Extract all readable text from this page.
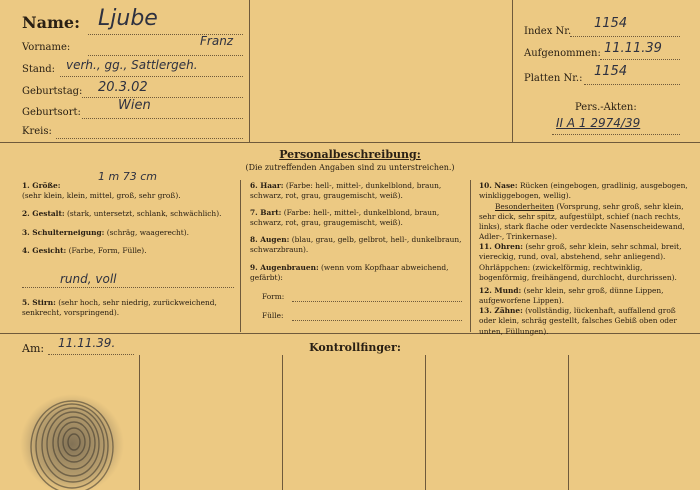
Name: Ljube
Vorname:	Franz
Stand: verh., gg., Sattlergeh.
Geburtstag: 20.3.02
Geburtsort:	Wien
Kreis:
Index Nr.
1154
Aufgenommen: 11.11.39
Platten Nr.: 1154
Pers.-Akten:
II A 1 2974/39
Personalbeschreibung:
(Die zutreffenden Angaben sind zu unterstreichen.)
1. Größe:
1 m 73 cm

(sehr klein, klein, mittel, groß, sehr groß).
2. Gestalt: (stark, untersetzt, schlank, schwächlich).
3. Schulterneigung: (schräg, waagerecht).
4. Gesicht: (Farbe, Form, Fülle).
rund, voll
5. Stirn: (sehr hoch, sehr niedrig, zurückweichend, senkrecht, vorspringend).
6. Haar: (Farbe: hell-, mittel-, dunkelblond, braun, schwarz, rot, grau, graugemischt, weiß).
7. Bart: (Farbe: hell-, mittel-, dunkelblond, braun, schwarz, rot, grau, graugemischt, weiß).
8. Augen: (blau, grau, gelb, gelbrot, hell-, dunkelbraun, schwarzbraun).
9. Augenbrauen: (wenn vom Kopfhaar abweichend, gefärbt):
Form:
Fülle:
10. Nase: Rücken (eingebogen, gradlinig, ausgebogen, winkliggebogen, wellig).
Besonderheiten (Vorsprung, sehr groß, sehr klein, sehr dick, sehr spitz, aufgestülpt, schief (nach rechts, links), stark flache oder verdeckte Nasenscheidewand, Adler-, Trinkernase).
11. Ohren: (sehr groß, sehr klein, sehr schmal, breit, viereckig, rund, oval, abstehend, sehr anliegend). Ohrläppchen: (zwickelförmig, rechtwinklig, bogenförmig, freihängend, durchlocht, durchrissen).
12. Mund: (sehr klein, sehr groß, dünne Lippen, aufgeworfene Lippen).
13. Zähne: (vollständig, lückenhaft, auffallend groß oder klein, schräg gestellt, falsches Gebiß oben oder unten, Füllungen).
Am: 11.11.39.	Kontrollfinger:
